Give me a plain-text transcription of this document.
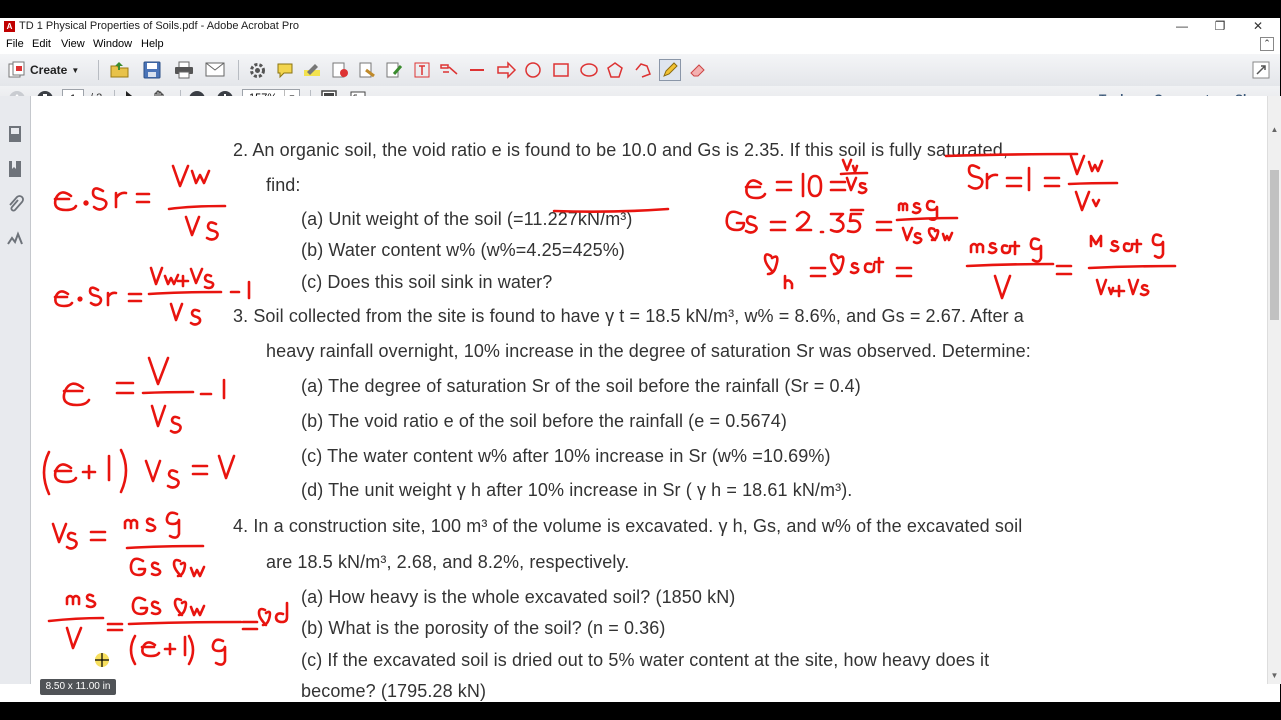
A TD 1 Physical Properties of Soils.pdf - Adobe Acrobat Pro	—	❐	✕
File Edit View Window Help	⌃
Create ▼
2. An organic soil, the void ratio e is found to be 10.0 and Gs is 2.35. If this soil is fully saturated,
find:
(a) Unit weight of the soil (=11.227kN/m³)
(b) Water content w% (w%=4.25=425%)
(c) Does this soil sink in water?
3. Soil collected from the site is found to have γ t = 18.5 kN/m³, w% = 8.6%, and Gs = 2.67. After a
heavy rainfall overnight, 10% increase in the degree of saturation Sr was observed. Determine:
(a) The degree of saturation Sr of the soil before the rainfall (Sr = 0.4)
(b) The void ratio e of the soil before the rainfall (e = 0.5674)
(c) The water content w% after 10% increase in Sr (w% =10.69%)
(d) The unit weight γ h after 10% increase in Sr ( γ h = 18.61 kN/m³).
4. In a construction site, 100 m³ of the volume is excavated. γ h, Gs, and w% of the excavated soil
are 18.5 kN/m³, 2.68, and 8.2%, respectively.
(a) How heavy is the whole excavated soil? (1850 kN)
(b) What is the porosity of the soil? (n = 0.36)
(c) If the excavated soil is dried out to 5% water content at the site, how heavy does it
become? (1795.28 kN)
▲
▼
8.50 x 11.00 in
